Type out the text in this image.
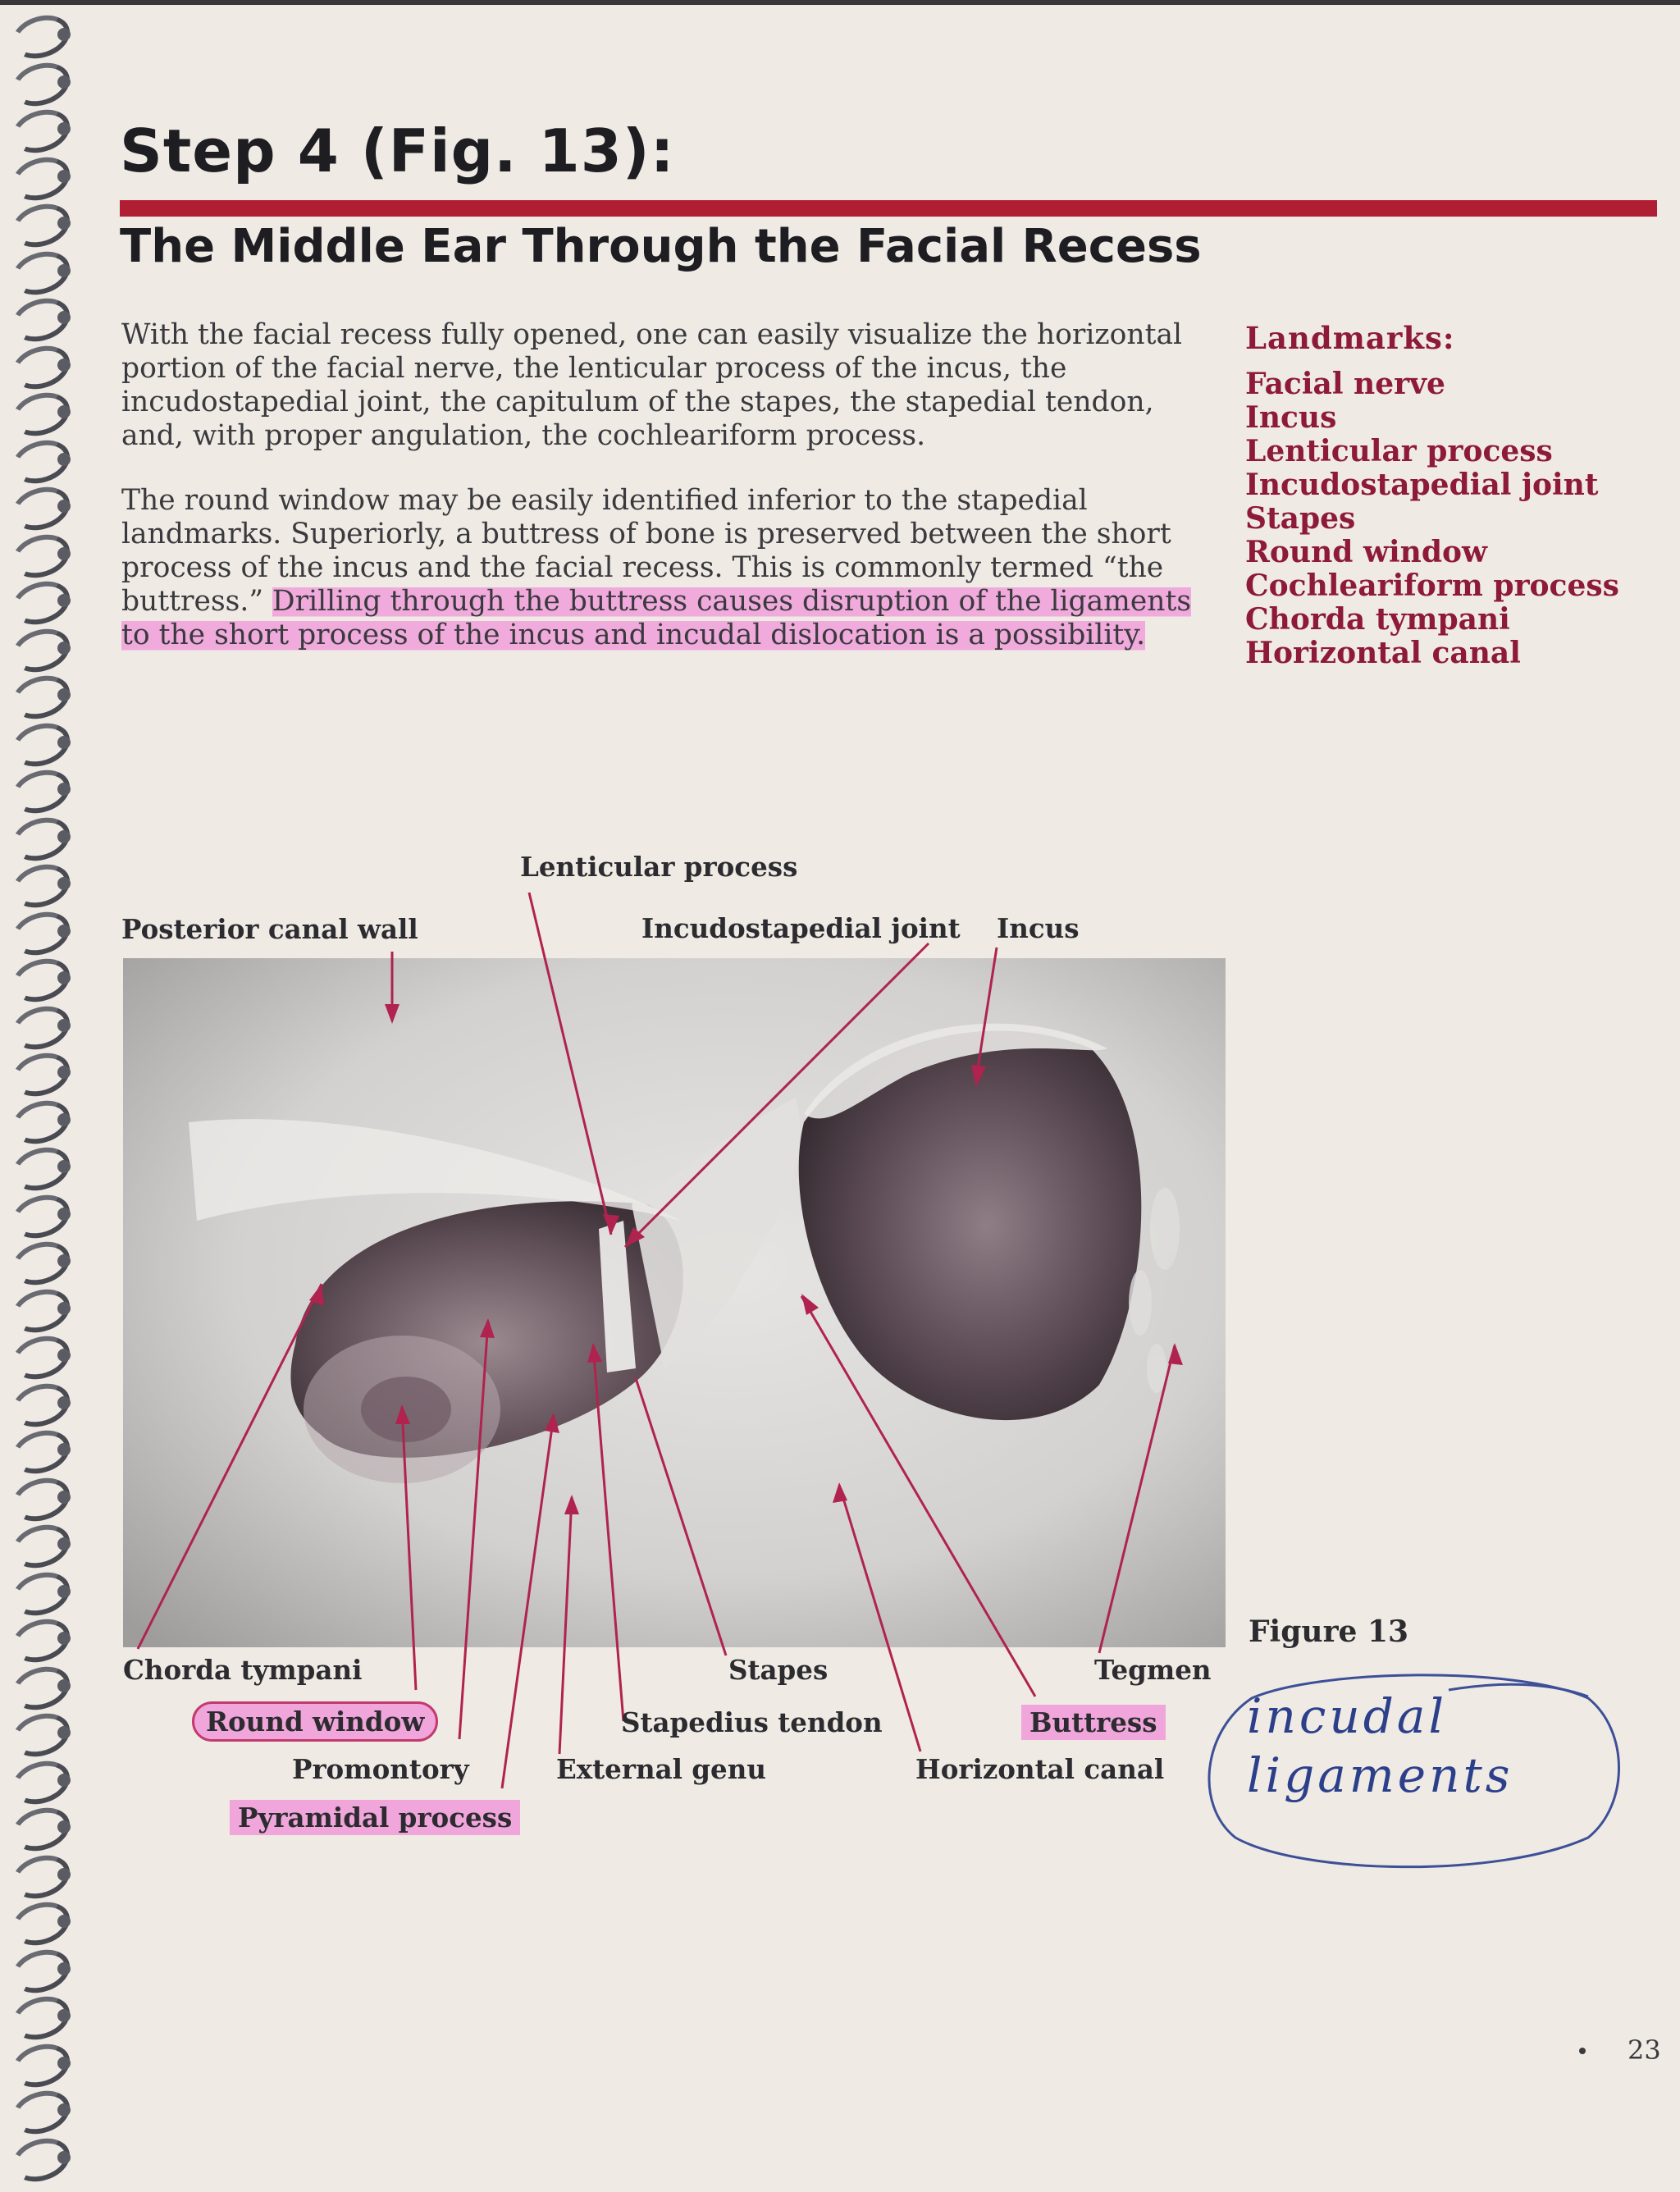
Step 4 (Fig. 13):
The Middle Ear Through the Facial Recess

With the facial recess fully opened, one can easily visualize the horizontal portion of the facial nerve, the lenticular process of the incus, the incudostapedial joint, the capitulum of the stapes, the stapedial tendon, and, with proper angulation, the cochleariform process.

The round window may be easily identified inferior to the stapedial landmarks. Superiorly, a buttress of bone is preserved between the short process of the incus and the facial recess. This is commonly termed “the buttress.” Drilling through the buttress causes disruption of the ligaments to the short process of the incus and incudal dislocation is a possibility.

Landmarks:
Facial nerve
Incus
Lenticular process
Incudostapedial joint
Stapes
Round window
Cochleariform process
Chorda tympani
Horizontal canal
Lenticular process
Posterior canal wall	Incudostapedial joint Incus
Chorda tympani	Stapes	Tegmen
Round window	Stapedius tendon	Buttress
Promontory	External genu	Horizontal canal
Pyramidal process

Figure 13

incudal ligaments

23
